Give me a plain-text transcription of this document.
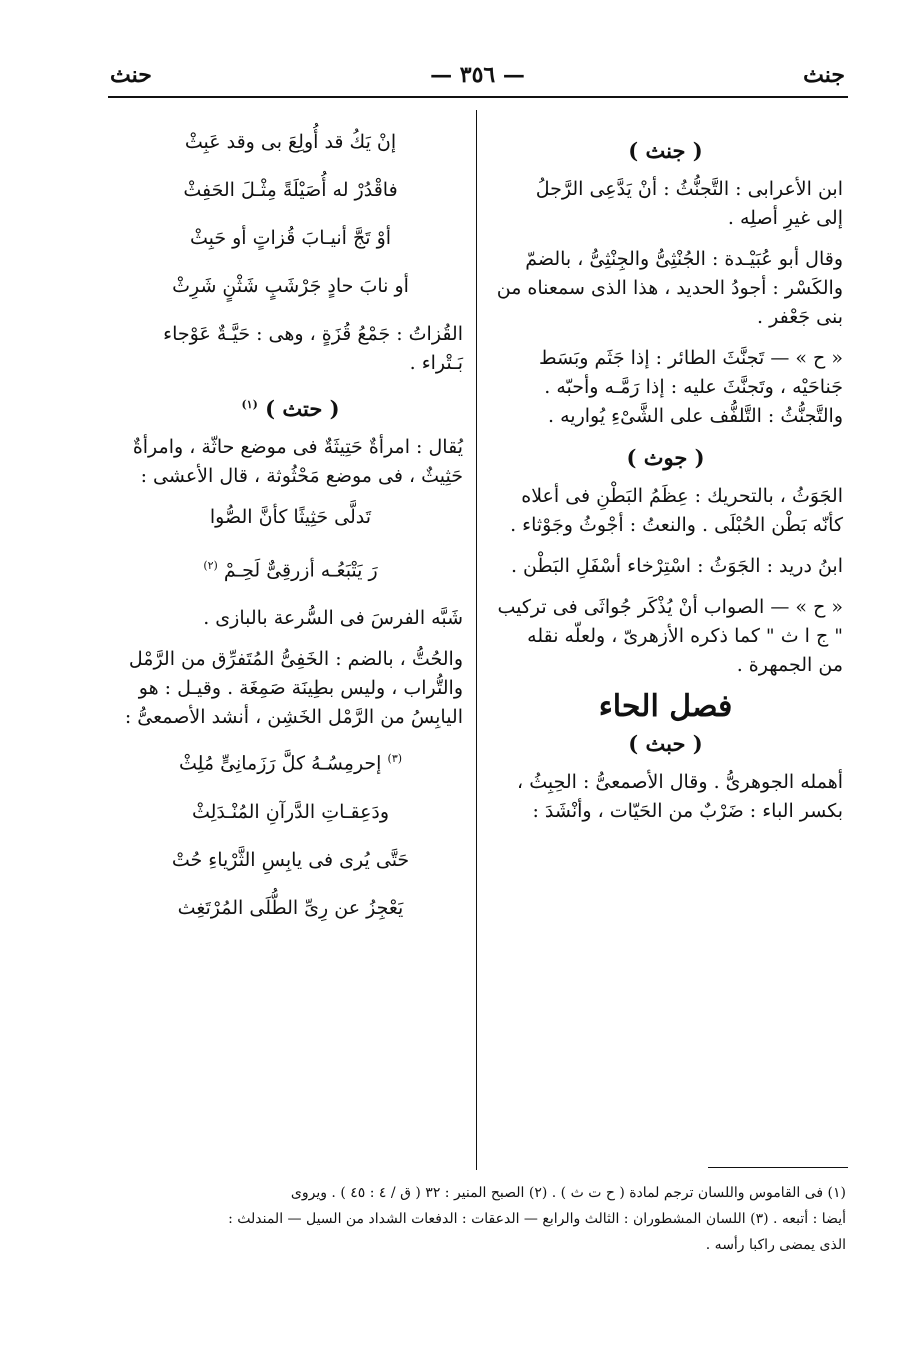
جنث
— ٣٥٦ —
حنث
( جنث )

ابن الأعرابى : التَّجنُّثُ : أنْ يَدَّعِى الرَّجلُ

إلى غيرِ أصلِه .

وقال أبو عُبَيْـدة : الجُنْثِىُّ والجِنْثِىُّ ، بالضمّ

والكَسْر : أجودُ الحديد ، هذا الذى سمعناه من

بنى جَعْفر .

« ح » — تَجنَّثَ الطائر : إذا جَثَم وبَسَط

جَناحَيْه ، وتَجنَّثَ عليه : إذا رَمَّـه وأحبّه .

والتَّجنُّثُ : التَّلفُّف على الشَّىْءِ يُواريه .

( جوث )

الجَوَثُ ، بالتحريك : عِظَمُ البَطْنِ فى أعلاه

كأنّه بَطْن الحُبْلَى . والنعتُ : أجْوثُ وجَوْثاء .

ابنُ دريد : الجَوَثُ : اسْتِرْخاء أسْفَلِ البَطْن .

« ح » — الصواب أنْ يُذْكَر جُواثَى فى تركيب

" ج ا ث " كما ذكره الأزهرىّ ، ولعلّه نقله

من الجمهرة .

فصل الحاء
( حبث )

أهمله الجوهرىُّ . وقال الأصمعىُّ : الحِبِثُ ،

بكسر الباء : ضَرْبٌ من الحَيّات ، وأنْشَدَ :

إنْ يَكُ قد أُولِعَ بى وقد عَبِثْ

فاقْدُرْ له أُصَيْلَةً مِثْـلَ الحَفِثْ

أوْ تَجَّ أنيـابَ قُزاتٍ أو حَبِثْ

أو نابَ حادٍ جَرْشَبٍ شَثْنٍ شَرِثْ

القُزاتُ : جَمْعُ قُزَةٍ ، وهى : حَيَّـةٌ عَوْجاء

بَـتْراء .

( حتث ) $^{(١)}$

يُقال : امرأةٌ حَتِيثَةٌ فى موضع حاثّة ، وامرأةٌ

حَثِيثٌ ، فى موضع مَحْثُوثة ، قال الأعشى :

تَدلَّى حَثِيثًا كأنَّ الصُّوا

رَ يَتْبَعُـه أزرقِىٌّ لَحِـمْ $^{(٢)}$

شَبَّه الفرسَ فى السُّرعة بالبازى .

والحُتُّ ، بالضم : الخَفِىُّ المُتَفرِّق من الرَّمْل

والتُّراب ، وليس بطِينَة صَمِغَة . وقيـل : هو

اليابِسُ من الرَّمْل الخَشِن ، أنشد الأصمعىُّ :

$^{(٣)}$ إحرمِسُـهُ كلَّ رَزَمانِىٍّ مُلِثْ

ودَعِقـاتِ الدَّرآنِ المُنْـدَلِثْ

حَتَّى يُرى فى يابِسِ الثَّرْياءِ حُتْ

يَعْجِزُ عن رِىِّ الطُّلَى المُرْتَغِث

(١) فى القاموس واللسان ترجم لمادة ( ح ت ث ) . (٢) الصبح المنير : ٣٢ ( ق / ٤ : ٤٥ ) . ويروى

أيضا : أتبعه . (٣) اللسان المشطوران : الثالث والرابع — الدعقات : الدفعات الشداد من السيل — المندلث :

الذى يمضى راكبا رأسه .
